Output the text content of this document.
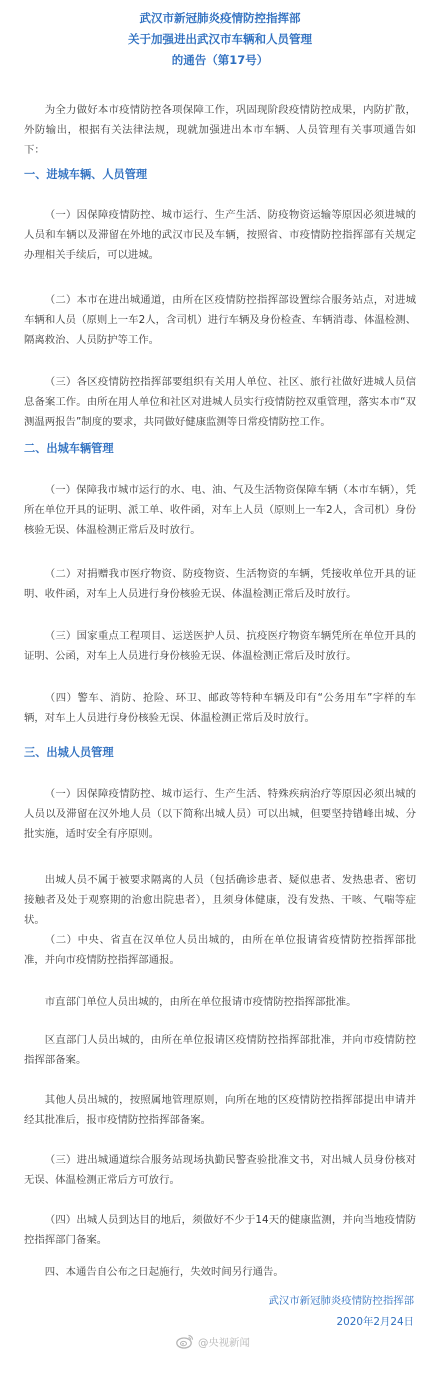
武汉市新冠肺炎疫情防控指挥部
关于加强进出武汉市车辆和人员管理
的通告（第17号）

为全力做好本市疫情防控各项保障工作，巩固现阶段疫情防控成果，内防扩散，外防输出，根据有关法律法规，现就加强进出本市车辆、人员管理有关事项通告如下：

一、进城车辆、人员管理

（一）因保障疫情防控、城市运行、生产生活、防疫物资运输等原因必须进城的人员和车辆以及滞留在外地的武汉市民及车辆，按照省、市疫情防控指挥部有关规定办理相关手续后，可以进城。

（二）本市在进出城通道，由所在区疫情防控指挥部设置综合服务站点，对进城车辆和人员（原则上一车2人，含司机）进行车辆及身份检查、车辆消毒、体温检测、隔离救治、人员防护等工作。

（三）各区疫情防控指挥部要组织有关用人单位、社区、旅行社做好进城人员信息备案工作。由所在用人单位和社区对进城人员实行疫情防控双重管理，落实本市“双测温两报告”制度的要求，共同做好健康监测等日常疫情防控工作。

二、出城车辆管理

（一）保障我市城市运行的水、电、油、气及生活物资保障车辆（本市车辆），凭所在单位开具的证明、派工单、收件函，对车上人员（原则上一车2人，含司机）身份核验无误、体温检测正常后及时放行。

（二）对捐赠我市医疗物资、防疫物资、生活物资的车辆，凭接收单位开具的证明、收件函，对车上人员进行身份核验无误、体温检测正常后及时放行。

（三）国家重点工程项目、运送医护人员、抗疫医疗物资车辆凭所在单位开具的证明、公函，对车上人员进行身份核验无误、体温检测正常后及时放行。

（四）警车、消防、抢险、环卫、邮政等特种车辆及印有“公务用车”字样的车辆，对车上人员进行身份核验无误、体温检测正常后及时放行。

三、出城人员管理

（一）因保障疫情防控、城市运行、生产生活、特殊疾病治疗等原因必须出城的人员以及滞留在汉外地人员（以下简称出城人员）可以出城，但要坚持错峰出城、分批实施，适时安全有序原则。

出城人员不属于被要求隔离的人员（包括确诊患者、疑似患者、发热患者、密切接触者及处于观察期的治愈出院患者），且须身体健康，没有发热、干咳、气喘等症状。

（二）中央、省直在汉单位人员出城的，由所在单位报请省疫情防控指挥部批准，并向市疫情防控指挥部通报。

市直部门单位人员出城的，由所在单位报请市疫情防控指挥部批准。

区直部门人员出城的，由所在单位报请区疫情防控指挥部批准，并向市疫情防控指挥部备案。

其他人员出城的，按照属地管理原则，向所在地的区疫情防控指挥部提出申请并经其批准后，报市疫情防控指挥部备案。

（三）进出城通道综合服务站现场执勤民警查验批准文书，对出城人员身份核对无误、体温检测正常后方可放行。

（四）出城人员到达目的地后，须做好不少于14天的健康监测，并向当地疫情防控指挥部门备案。

四、本通告自公布之日起施行，失效时间另行通告。

武汉市新冠肺炎疫情防控指挥部
2020年2月24日
@央视新闻
